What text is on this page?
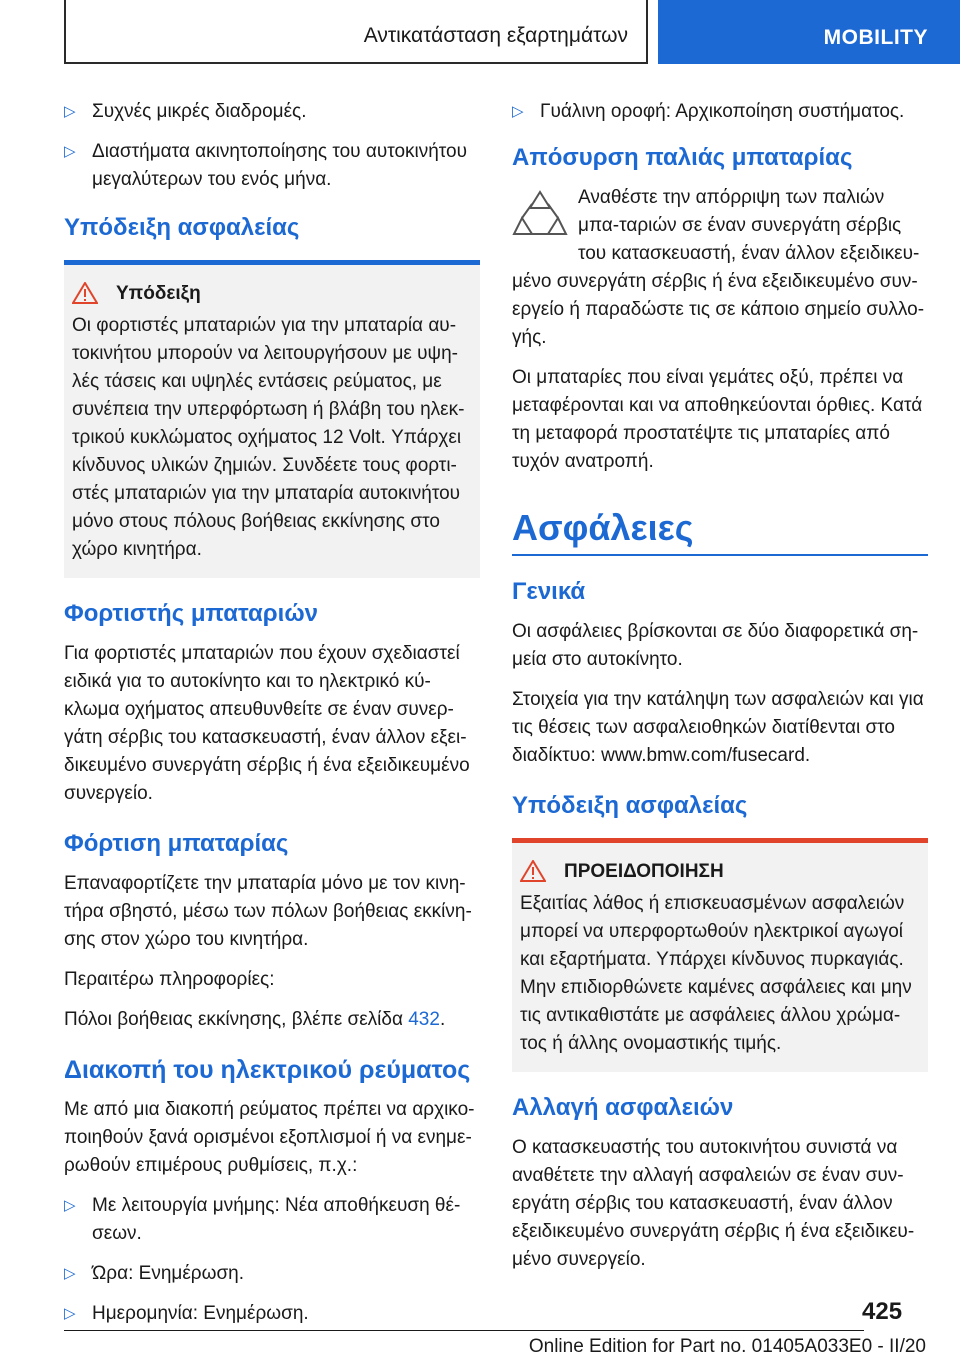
Αντικατάσταση εξαρτημάτων	MOBILITY
▷ Συχνές μικρές διαδρομές.
▷ Διαστήματα ακινητοποίησης του αυτοκινήτου μεγαλύτερων του ενός μήνα.
Υπόδειξη ασφαλείας
Υπόδειξη

Οι φορτιστές μπαταριών για την μπαταρία αυ-τοκινήτου μπορούν να λειτουργήσουν με υψη-λές τάσεις και υψηλές εντάσεις ρεύματος, με συνέπεια την υπερφόρτωση ή βλάβη του ηλεκ-τρικού κυκλώματος οχήματος 12 Volt. Υπάρχει κίνδυνος υλικών ζημιών. Συνδέετε τους φορτι-στές μπαταριών για την μπαταρία αυτοκινήτου μόνο στους πόλους βοήθειας εκκίνησης στο χώρο κινητήρα.

Φορτιστής μπαταριών

Για φορτιστές μπαταριών που έχουν σχεδιαστεί ειδικά για το αυτοκίνητο και το ηλεκτρικό κύ-κλωμα οχήματος απευθυνθείτε σε έναν συνερ-γάτη σέρβις του κατασκευαστή, έναν άλλον εξει-δικευμένο συνεργάτη σέρβις ή ένα εξειδικευμένο συνεργείο.

Φόρτιση μπαταρίας

Επαναφορτίζετε την μπαταρία μόνο με τον κινη-τήρα σβηστό, μέσω των πόλων βοήθειας εκκίνη-σης στον χώρο του κινητήρα.

Περαιτέρω πληροφορίες:

Πόλοι βοήθειας εκκίνησης, βλέπε σελίδα 432.

Διακοπή του ηλεκτρικού ρεύματος

Με από μια διακοπή ρεύματος πρέπει να αρχικο-ποιηθούν ξανά ορισμένοι εξοπλισμοί ή να ενημε-ρωθούν επιμέρους ρυθμίσεις, π.χ.:

▷ Με λειτουργία μνήμης: Νέα αποθήκευση θέ-σεων.
▷ Ώρα: Ενημέρωση.
▷ Ημερομηνία: Ενημέρωση.
▷ Γυάλινη οροφή: Αρχικοποίηση συστήματος.
Απόσυρση παλιάς μπαταρίας

Αναθέστε την απόρριψη των παλιών μπα-ταριών σε έναν συνεργάτη σέρβις του κατασκευαστή, έναν άλλον εξειδικευ-μένο συνεργάτη σέρβις ή ένα εξειδικευμένο συν-εργείο ή παραδώστε τις σε κάποιο σημείο συλλο-γής.

Οι μπαταρίες που είναι γεμάτες οξύ, πρέπει να μεταφέρονται και να αποθηκεύονται όρθιες. Κατά τη μεταφορά προστατέψτε τις μπαταρίες από τυχόν ανατροπή.

Ασφάλειες
Γενικά

Οι ασφάλειες βρίσκονται σε δύο διαφορετικά ση-μεία στο αυτοκίνητο.

Στοιχεία για την κατάληψη των ασφαλειών και για τις θέσεις των ασφαλειοθηκών διατίθενται στο διαδίκτυο: www.bmw.com/fusecard.

Υπόδειξη ασφαλείας
ΠΡΟΕΙΔΟΠΟΙΗΣΗ

Εξαιτίας λάθος ή επισκευασμένων ασφαλειών μπορεί να υπερφορτωθούν ηλεκτρικοί αγωγοί και εξαρτήματα. Υπάρχει κίνδυνος πυρκαγιάς. Μην επιδιορθώνετε καμένες ασφάλειες και μην τις αντικαθιστάτε με ασφάλειες άλλου χρώμα-τος ή άλλης ονομαστικής τιμής.

Αλλαγή ασφαλειών

Ο κατασκευαστής του αυτοκινήτου συνιστά να αναθέτετε την αλλαγή ασφαλειών σε έναν συν-εργάτη σέρβις του κατασκευαστή, έναν άλλον εξειδικευμένο συνεργάτη σέρβις ή ένα εξειδικευ-μένο συνεργείο.

425
Online Edition for Part no. 01405A033E0 - II/20
